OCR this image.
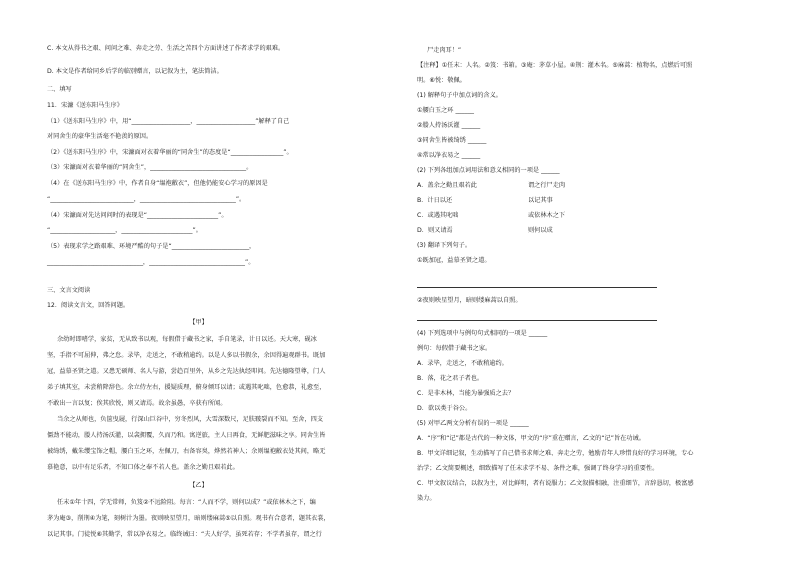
C. 本文从得书之艰、问问之难、奔走之劳、生活之苦四个方面讲述了作者求学的艰难。
D. 本文是作者给同乡后学的临别赠言，以记叙为主，笔法简洁。
二、填写
11．宋濂《送东阳马生序》
（1）《送东阳马生序》中，用“___________________，___________________”解释了自己
对同舍生的豪华生活毫不艳羡的原因。
（2）《送东阳马生序》中，宋濂面对衣着华丽的“同舍生”的态度是“_________________”。
（3）宋濂面对衣着华丽的“同舍生”，_______________________________。
（4）在《送东阳马生序》中，作者自身“缊袍敝衣”，但他仍能安心学习的原因是
“___________________________，_______________________________”。
（4）宋濂面对先达问问时的表现是“_______________________”。
“_____________________，_______________________”。
（5）表现求学之路艰难、环境严酷的句子是“_________________________，
_______________________________，_______________________________”。
三、文言文阅读
12．阅读文言文，回答问题。
【甲】
余幼时即嗜学，家贫，无从致书以观，每假借于藏书之家，手自笔录，计日以还。天大寒，砚冰
坚，手指不可屈伸，弗之怠。录毕，走送之，不敢稍逾约。以是人多以书假余，余因得遍观群书。既加
冠，益慕圣贤之道。又患无硕师、名人与游，尝趋百里外，从乡之先达执经叩问。先达德隆望尊，门人
弟子填其室，未尝稍降辞色。余立侍左右，援疑质理，俯身倾耳以请；或遇其叱咄，色愈恭，礼愈至，
不敢出一言以复；俟其欣悦，则又请焉。故余虽愚，卒获有所闻。
当余之从师也，负箧曳屣，行深山巨谷中，穷冬烈风，大雪深数尺，足肤皲裂而不知。至舍，四支
僵劲不能动，媵人持汤沃灌，以衾拥覆，久而乃和。寓逆旅，主人日再食，无鲜肥滋味之享。同舍生皆
被绮绣，戴朱缨宝饰之帽，腰白玉之环，左佩刀，右备容臭，烨然若神人；余则缊袍敝衣处其间，略无
慕艳意，以中有足乐者，不知口体之奉不若人也。盖余之勤且艰若此。
【乙】
任末①年十四，学无常师，负笈②不远险阻。每言：“人而不学，则何以成？”或依林木之下，编
茅为庵③，削荆④为笔，刻树汁为墨。夜则映星望月，暗则缕麻蒿⑤以自照。观书有合意者，题其衣裳，
以记其事。门徒悦⑥其勤学，常以净衣易之。临终诫曰：“夫人好学，虽死若存；不学者虽存，谓之行
尸走肉耳！”
【注释】①任末：人名。②笈：书箱。③庵：茅草小屋。④荆：灌木名。⑤麻蒿：植物名，点燃后可照
明。⑥悦：敬佩。
(1) 解释句子中加点词的含义。
①腰白玉之环 ______
②媵人持汤沃灌 ______
③同舍生皆被绮绣 ______
④常以净衣易之 ______
(2) 下列各组加点词用法和意义相同的一项是 ______
A．盖余之勤且艰若此	谓之行尸走肉
B．计日以还	以记其事
C．或遇其叱咄	或依林木之下
D．则又请焉	则何以成
(3) 翻译下列句子。
①既加冠，益慕圣贤之道。
②夜则映星望月，暗则缕麻蒿以自照。
(4) 下列选项中与例句句式相同的一项是 ______
例句：每假借于藏书之家。
A．录毕，走送之，不敢稍逾约。
B．落，花之君子者也。
C．是非木林，当能为暴强质之去？
D．欲以类于谷公。
(5) 对甲乙两文分析有误的一项是 ______
A．“序”和“记”都是古代的一种文体，甲文的“序”重在赠言，乙文的“记”旨在功诫。
B．甲文详细记叙，生动描写了自己借书求师之难、奔走之劳，勉励青年人珍惜良好的学习环境，专心
治学；乙文简要概述，细致描写了任末求学不易、条件之难，强调了终身学习的重要性。
C．甲文叙议结合，以叙为主，对比鲜明，者有说服力；乙文叙描相融，注重细节，言辞恳切，极富感
染力。
